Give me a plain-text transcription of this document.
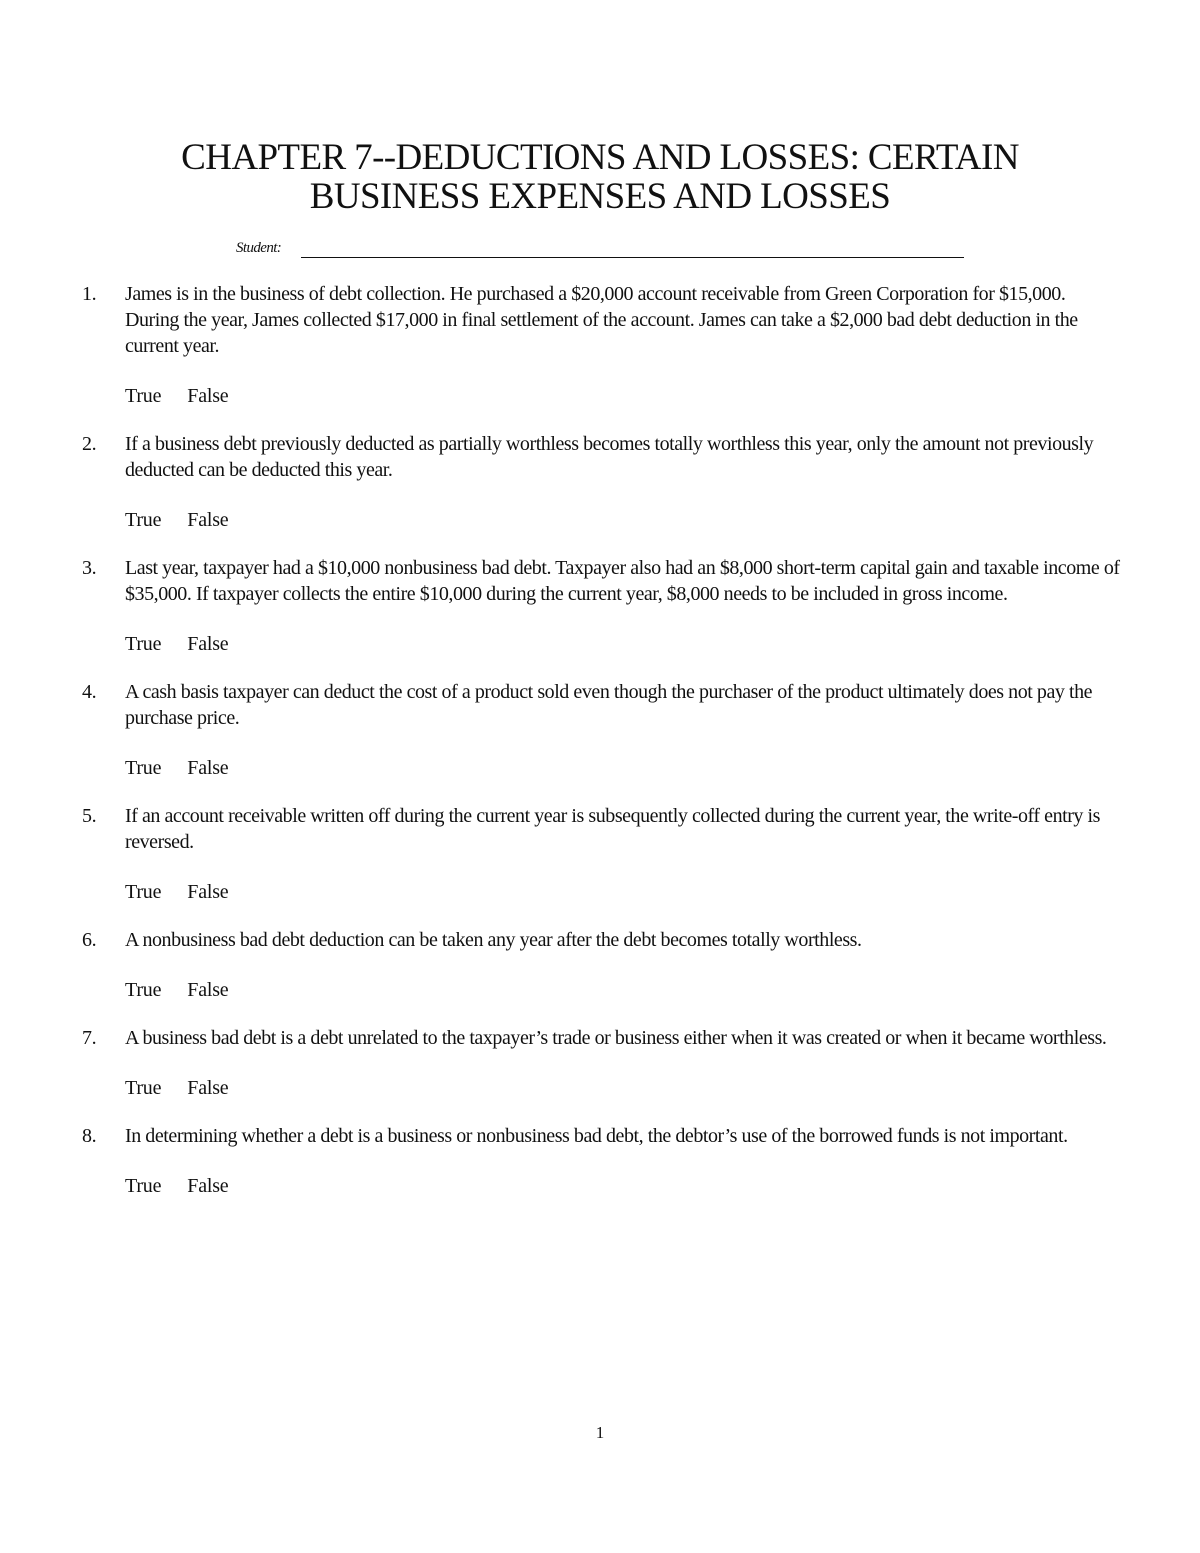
CHAPTER 7--DEDUCTIONS AND LOSSES: CERTAIN
BUSINESS EXPENSES AND LOSSES
Student:
1.	James is in the business of debt collection. He purchased a $20,000 account receivable from Green Corporation for $15,000. During the year, James collected $17,000 in final settlement of the account. James can take a $2,000 bad debt deduction in the current year.

True False
2.	If a business debt previously deducted as partially worthless becomes totally worthless this year, only the amount not previously deducted can be deducted this year.

True False
3.	Last year, taxpayer had a $10,000 nonbusiness bad debt. Taxpayer also had an $8,000 short-term capital gain and taxable income of $35,000. If taxpayer collects the entire $10,000 during the current year, $8,000 needs to be included in gross income.

True False
4.	A cash basis taxpayer can deduct the cost of a product sold even though the purchaser of the product ultimately does not pay the purchase price.

True False
5.	If an account receivable written off during the current year is subsequently collected during the current year, the write-off entry is reversed.

True False
6.	A nonbusiness bad debt deduction can be taken any year after the debt becomes totally worthless.

True False
7.	A business bad debt is a debt unrelated to the taxpayer’s trade or business either when it was created or when it became worthless.

True False
8.	In determining whether a debt is a business or nonbusiness bad debt, the debtor’s use of the borrowed funds is not important.

True False
1
